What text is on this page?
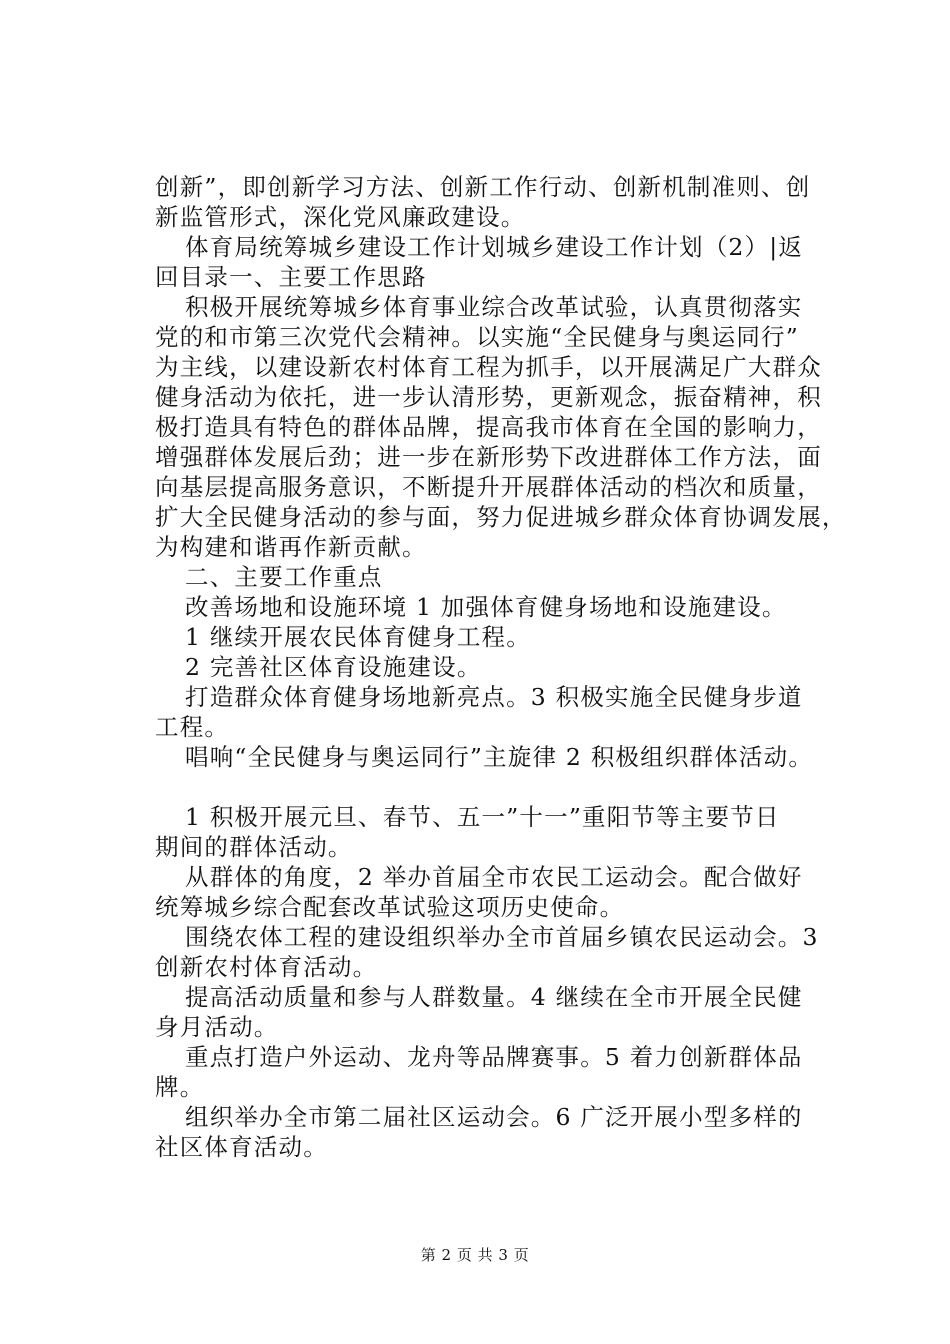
创新”，即创新学习方法、创新工作行动、创新机制准则、创
新监管形式，深化党风廉政建设。
体育局统筹城乡建设工作计划城乡建设工作计划（2）|返
回目录一、主要工作思路
积极开展统筹城乡体育事业综合改革试验，认真贯彻落实
党的和市第三次党代会精神。以实施“全民健身与奥运同行”
为主线，以建设新农村体育工程为抓手，以开展满足广大群众
健身活动为依托，进一步认清形势，更新观念，振奋精神，积
极打造具有特色的群体品牌，提高我市体育在全国的影响力，
增强群体发展后劲；进一步在新形势下改进群体工作方法，面
向基层提高服务意识，不断提升开展群体活动的档次和质量，
扩大全民健身活动的参与面，努力促进城乡群众体育协调发展，
为构建和谐再作新贡献。
二、主要工作重点
改善场地和设施环境 1 加强体育健身场地和设施建设。
1 继续开展农民体育健身工程。
2 完善社区体育设施建设。
打造群众体育健身场地新亮点。3 积极实施全民健身步道
工程。
唱响“全民健身与奥运同行”主旋律 2 积极组织群体活动。
1 积极开展元旦、春节、五一”十一”重阳节等主要节日
期间的群体活动。
从群体的角度，2 举办首届全市农民工运动会。配合做好
统筹城乡综合配套改革试验这项历史使命。
围绕农体工程的建设组织举办全市首届乡镇农民运动会。3
创新农村体育活动。
提高活动质量和参与人群数量。4 继续在全市开展全民健
身月活动。
重点打造户外运动、龙舟等品牌赛事。5 着力创新群体品
牌。
组织举办全市第二届社区运动会。6 广泛开展小型多样的
社区体育活动。
第 2 页 共 3 页
